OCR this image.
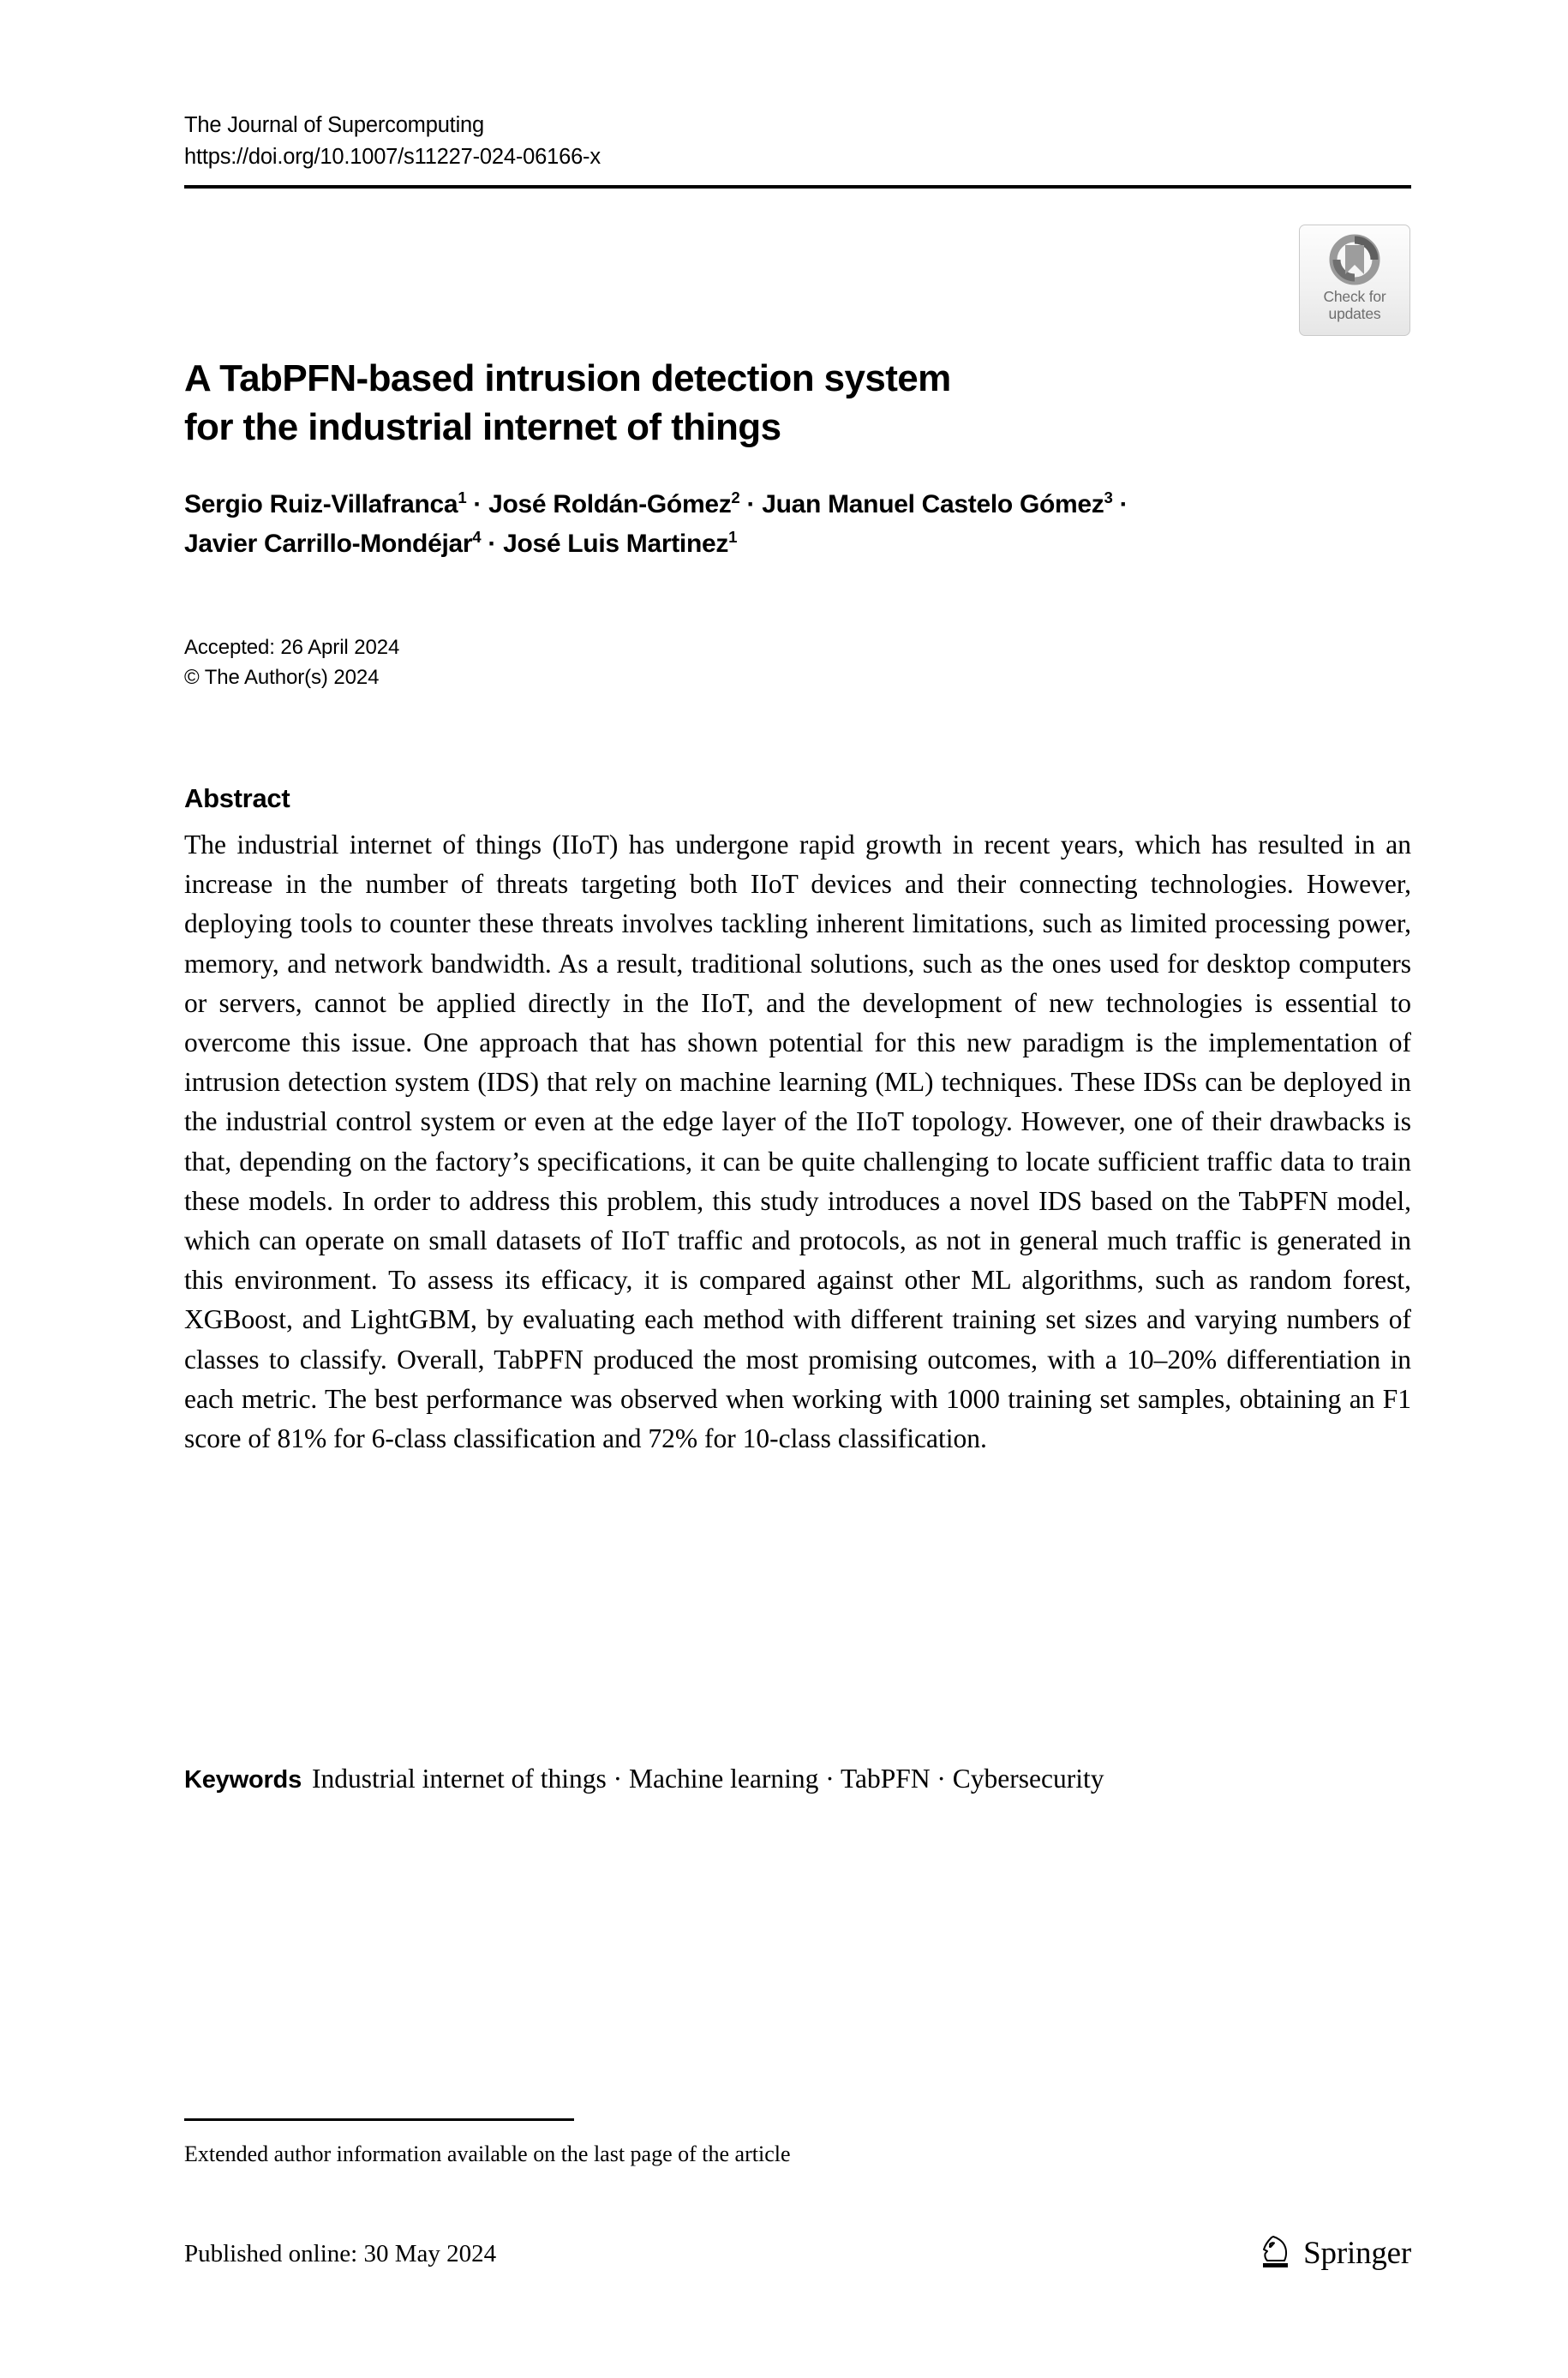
The Journal of Supercomputing
https://doi.org/10.1007/s11227-024-06166-x
Check for
updates
A TabPFN-based intrusion detection system
for the industrial internet of things
Sergio Ruiz-Villafranca$^1$ · José Roldán-Gómez$^2$ · Juan Manuel Castelo Gómez$^3$ ·
Javier Carrillo-Mondéjar$^4$ · José Luis Martinez$^1$
Accepted: 26 April 2024
© The Author(s) 2024
Abstract
The industrial internet of things (IIoT) has undergone rapid growth in recent years, which has resulted in an increase in the number of threats targeting both IIoT devices and their connecting technologies. However, deploying tools to counter these threats involves tackling inherent limitations, such as limited processing power, memory, and network bandwidth. As a result, traditional solutions, such as the ones used for desktop computers or servers, cannot be applied directly in the IIoT, and the development of new technologies is essential to overcome this issue. One approach that has shown potential for this new paradigm is the implementation of intrusion detection system (IDS) that rely on machine learning (ML) techniques. These IDSs can be deployed in the industrial control system or even at the edge layer of the IIoT topology. However, one of their drawbacks is that, depending on the factory’s specifications, it can be quite challenging to locate sufficient traffic data to train these models. In order to address this problem, this study introduces a novel IDS based on the TabPFN model, which can operate on small datasets of IIoT traffic and protocols, as not in general much traffic is generated in this environment. To assess its efficacy, it is compared against other ML algorithms, such as random forest, XGBoost, and LightGBM, by evaluating each method with different training set sizes and varying numbers of classes to classify. Overall, TabPFN produced the most promising outcomes, with a 10–20% differentiation in each metric. The best performance was observed when working with 1000 training set samples, obtaining an F1 score of 81% for 6-class classification and 72% for 10-class classification.
Keywords Industrial internet of things · Machine learning · TabPFN · Cybersecurity
Extended author information available on the last page of the article
Published online: 30 May 2024	Springer
